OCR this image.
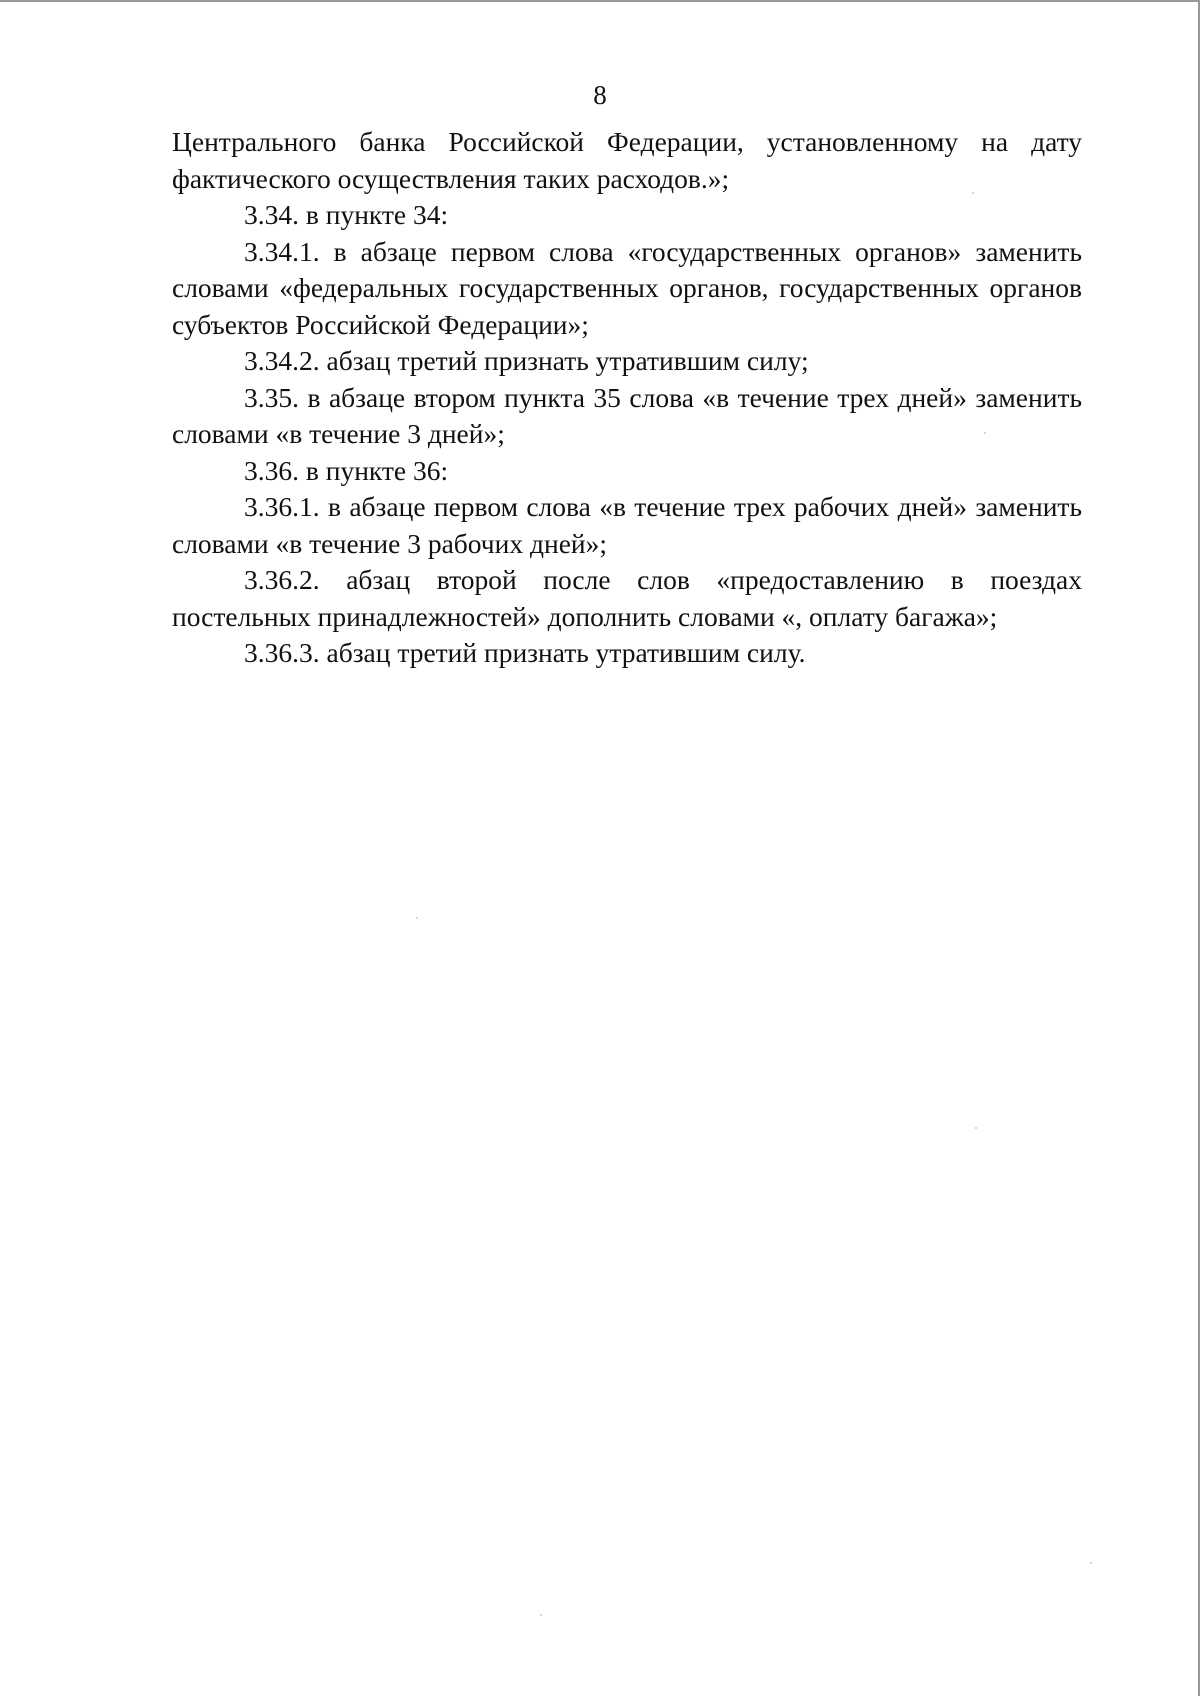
8

Центрального банка Российской Федерации, установленному на дату фактического осуществления таких расходов.»;

3.34. в пункте 34:

3.34.1. в абзаце первом слова «государственных органов» заменить словами «федеральных государственных органов, государственных органов субъектов Российской Федерации»;

3.34.2. абзац третий признать утратившим силу;

3.35. в абзаце втором пункта 35 слова «в течение трех дней» заменить словами «в течение 3 дней»;

3.36. в пункте 36:

3.36.1. в абзаце первом слова «в течение трех рабочих дней» заменить словами «в течение 3 рабочих дней»;

3.36.2. абзац второй после слов «предоставлению в поездах постельных принадлежностей» дополнить словами «, оплату багажа»;

3.36.3. абзац третий признать утратившим силу.
